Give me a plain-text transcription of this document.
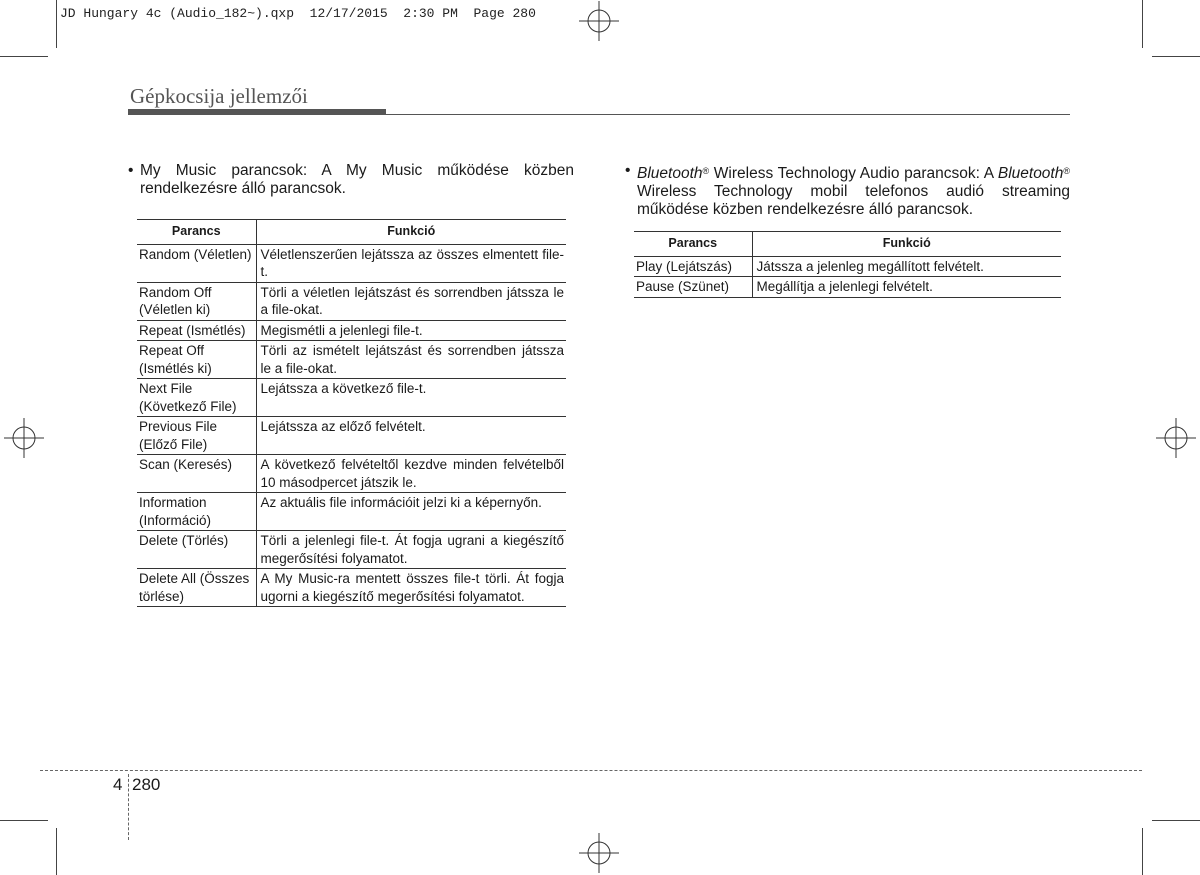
JD Hungary 4c (Audio_182~).qxp 12/17/2015 2:30 PM Page 280
Gépkocsija jellemzői
• My Music parancsok: A My Music működése közben rendelkezésre álló parancsok.
Parancs	Funkció
Random (Véletlen)	Véletlenszerűen lejátssza az összes elmentett file-t.
Random Off (Véletlen ki)	Törli a véletlen lejátszást és sorrendben játssza le a file-okat.
Repeat (Ismétlés)	Megismétli a jelenlegi file-t.
Repeat Off (Ismétlés ki)	Törli az ismételt lejátszást és sorrendben játssza le a file-okat.
Next File (Következő File)	Lejátssza a következő file-t.
Previous File (Előző File)	Lejátssza az előző felvételt.
Scan (Keresés)	A következő felvételtől kezdve minden felvételből 10 másodpercet játszik le.
Information (Információ)	Az aktuális file információit jelzi ki a képernyőn.
Delete (Törlés)	Törli a jelenlegi file-t. Át fogja ugrani a kiegészítő megerősítési folyamatot.
Delete All (Összes törlése)	A My Music-ra mentett összes file-t törli. Át fogja ugorni a kiegészítő megerősítési folyamatot.
• Bluetooth® Wireless Technology Audio parancsok: A Bluetooth® Wireless Technology mobil telefonos audió streaming működése közben rendelkezésre álló parancsok.
Parancs	Funkció
Play (Lejátszás)	Játssza a jelenleg megállított felvételt.
Pause (Szünet)	Megállítja a jelenlegi felvételt.
4 280
